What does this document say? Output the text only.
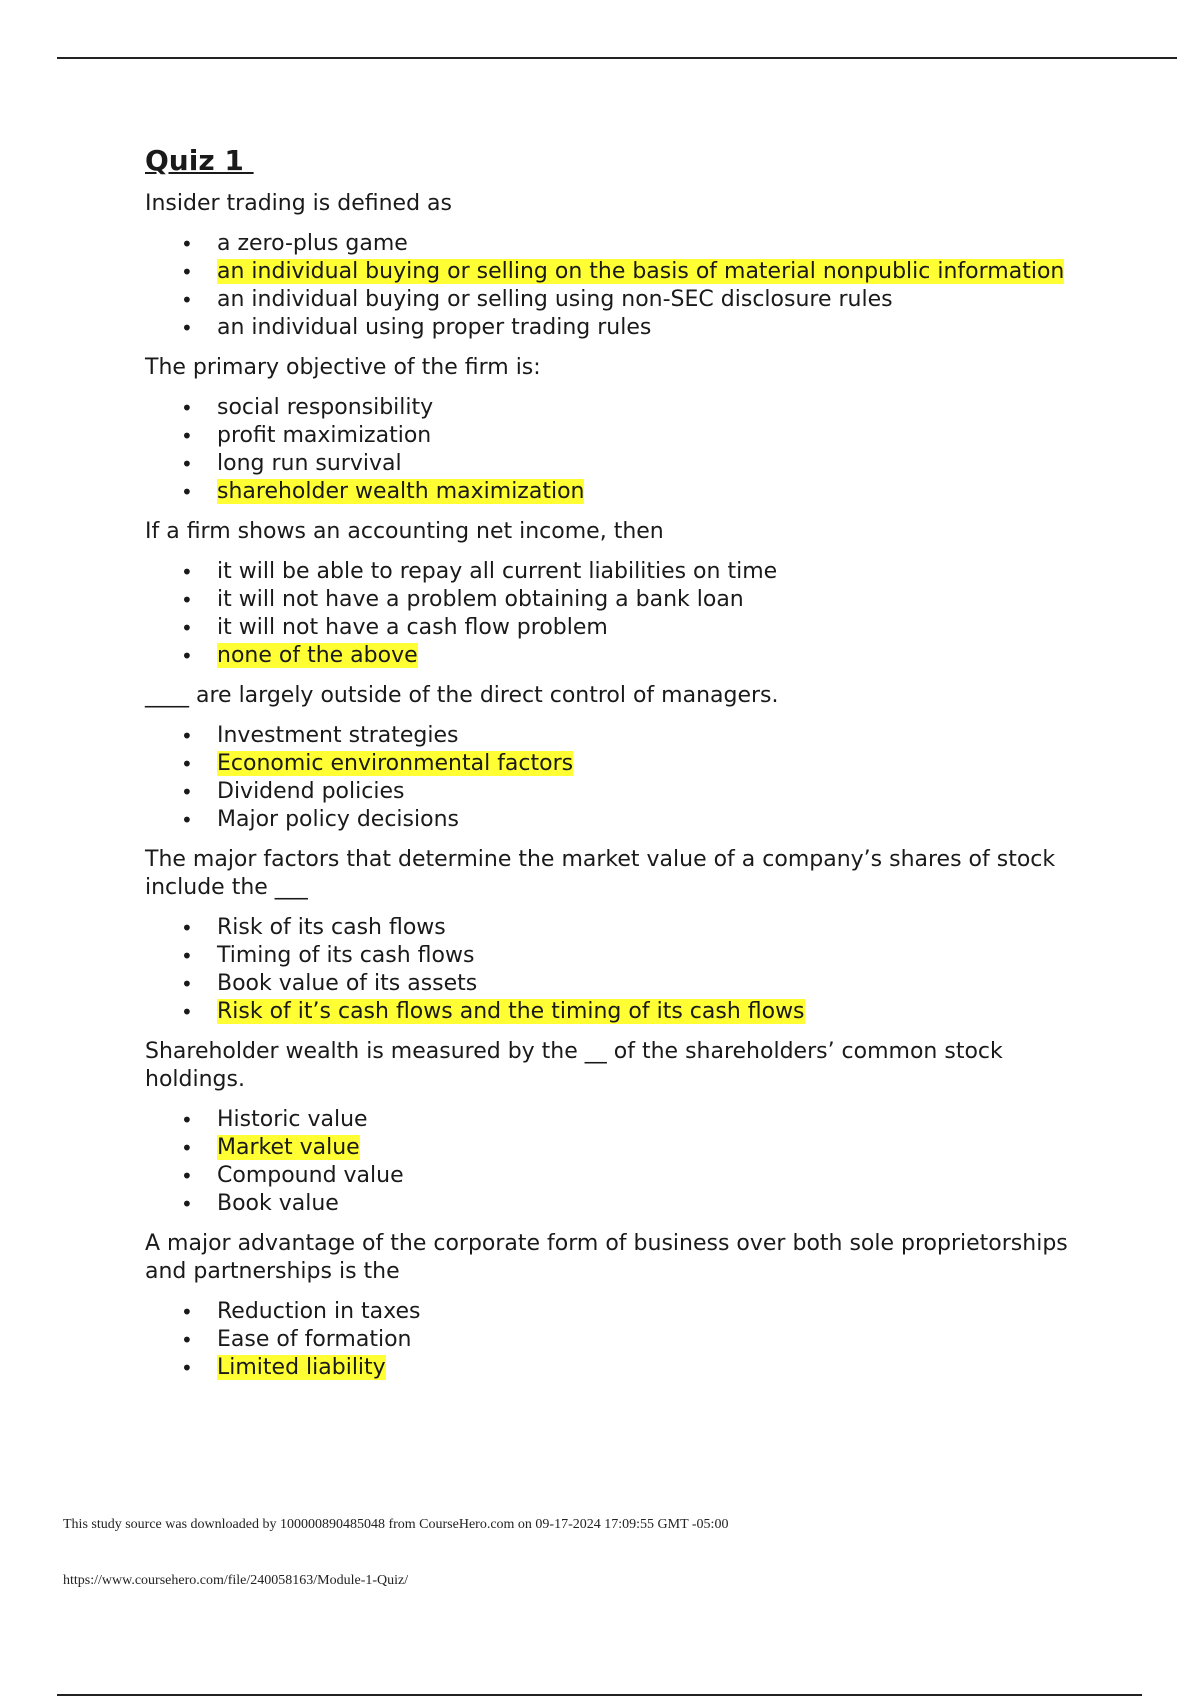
Quiz 1

Insider trading is defined as

• a zero-plus game
• an individual buying or selling on the basis of material nonpublic information
• an individual buying or selling using non-SEC disclosure rules
• an individual using proper trading rules

The primary objective of the firm is:

• social responsibility
• profit maximization
• long run survival
• shareholder wealth maximization

If a firm shows an accounting net income, then

• it will be able to repay all current liabilities on time
• it will not have a problem obtaining a bank loan
• it will not have a cash flow problem
• none of the above

____ are largely outside of the direct control of managers.

• Investment strategies
• Economic environmental factors
• Dividend policies
• Major policy decisions

The major factors that determine the market value of a company’s shares of stock include the ___

• Risk of its cash flows
• Timing of its cash flows
• Book value of its assets
• Risk of it’s cash flows and the timing of its cash flows

Shareholder wealth is measured by the __ of the shareholders’ common stock holdings.

• Historic value
• Market value
• Compound value
• Book value

A major advantage of the corporate form of business over both sole proprietorships and partnerships is the

• Reduction in taxes
• Ease of formation
• Limited liability
This study source was downloaded by 100000890485048 from CourseHero.com on 09-17-2024 17:09:55 GMT -05:00
https://www.coursehero.com/file/240058163/Module-1-Quiz/
